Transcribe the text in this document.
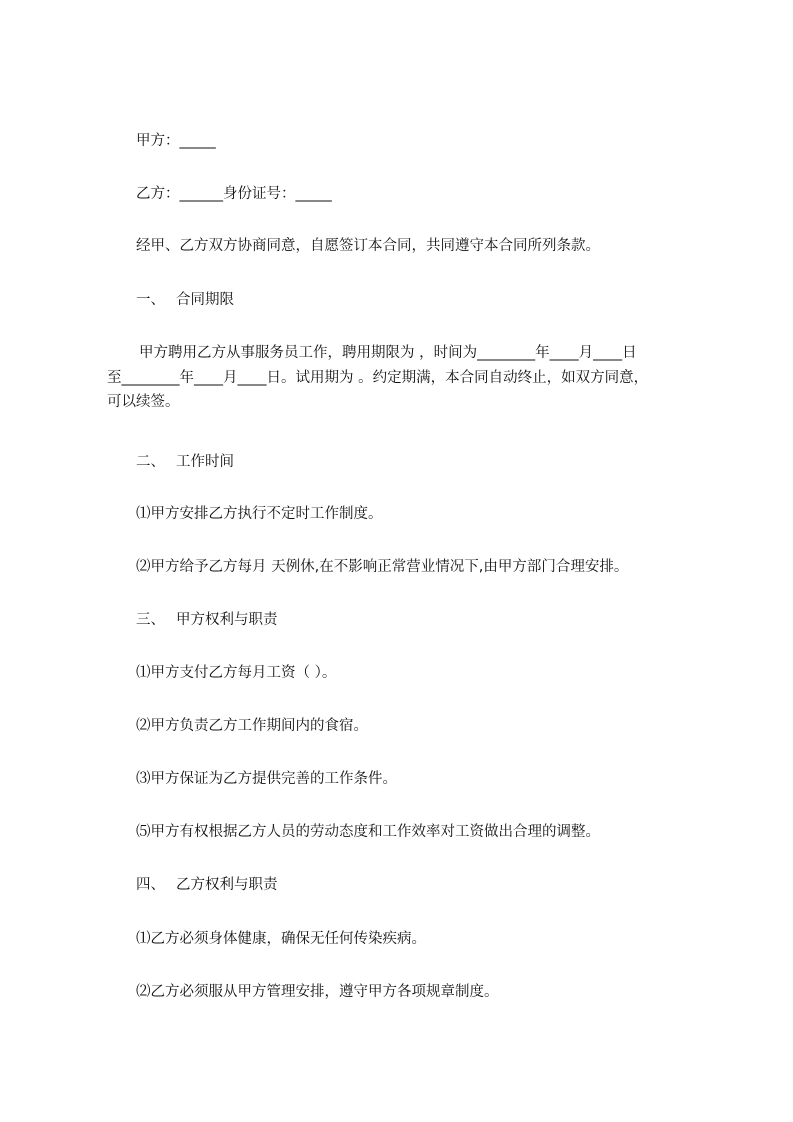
甲方：_____
乙方：______身份证号：_____
经甲、乙方双方协商同意，自愿签订本合同，共同遵守本合同所列条款。
一、 合同期限
甲方聘用乙方从事服务员工作，聘用期限为 ，时间为________年____月____日
至________年____月____日。试用期为 。约定期满，本合同自动终止，如双方同意，
可以续签。
二、 工作时间
⑴甲方安排乙方执行不定时工作制度。
⑵甲方给予乙方每月 天例休,在不影响正常营业情况下,由甲方部门合理安排。
三、 甲方权利与职责
⑴甲方支付乙方每月工资（ ）。
⑵甲方负责乙方工作期间内的食宿。
⑶甲方保证为乙方提供完善的工作条件。
⑸甲方有权根据乙方人员的劳动态度和工作效率对工资做出合理的调整。
四、 乙方权利与职责
⑴乙方必须身体健康，确保无任何传染疾病。
⑵乙方必须服从甲方管理安排，遵守甲方各项规章制度。
